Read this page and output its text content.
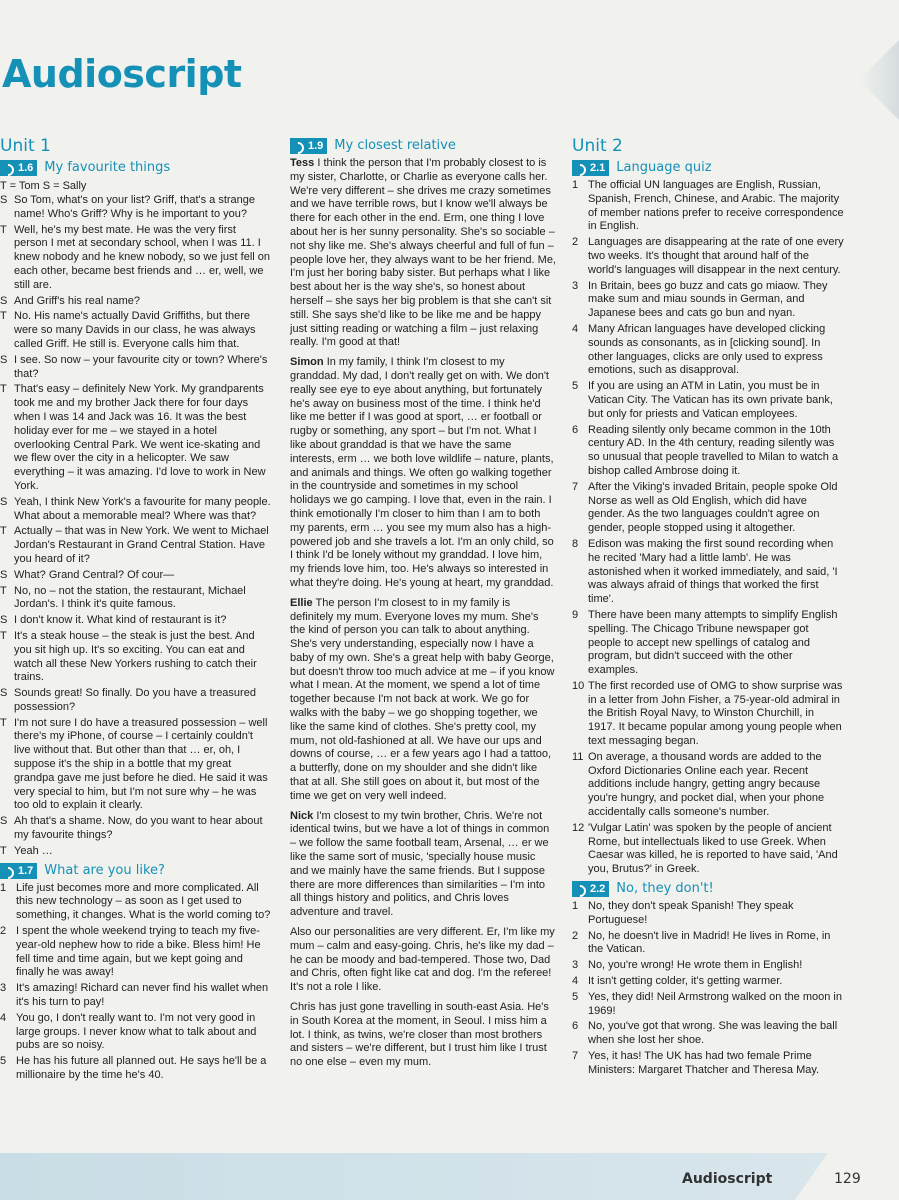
Audioscript
Unit 1
1.6 My favourite things
T = Tom S = Sally
S So Tom, what's on your list? Griff, that's a strange name! Who's Griff? Why is he important to you?
T Well, he's my best mate. He was the very first person I met at secondary school, when I was 11. I knew nobody and he knew nobody, so we just fell on each other, became best friends and … er, well, we still are.
S And Griff's his real name?
T No. His name's actually David Griffiths, but there were so many Davids in our class, he was always called Griff. He still is. Everyone calls him that.
S I see. So now – your favourite city or town? Where's that?
T That's easy – definitely New York. My grandparents took me and my brother Jack there for four days when I was 14 and Jack was 16. It was the best holiday ever for me – we stayed in a hotel overlooking Central Park. We went ice-skating and we flew over the city in a helicopter. We saw everything – it was amazing. I'd love to work in New York.
S Yeah, I think New York's a favourite for many people. What about a memorable meal? Where was that?
T Actually – that was in New York. We went to Michael Jordan's Restaurant in Grand Central Station. Have you heard of it?
S What? Grand Central? Of cour—
T No, no – not the station, the restaurant, Michael Jordan's. I think it's quite famous.
S I don't know it. What kind of restaurant is it?
T It's a steak house – the steak is just the best. And you sit high up. It's so exciting. You can eat and watch all these New Yorkers rushing to catch their trains.
S Sounds great! So finally. Do you have a treasured possession?
T I'm not sure I do have a treasured possession – well there's my iPhone, of course – I certainly couldn't live without that. But other than that … er, oh, I suppose it's the ship in a bottle that my great grandpa gave me just before he died. He said it was very special to him, but I'm not sure why – he was too old to explain it clearly.
S Ah that's a shame. Now, do you want to hear about my favourite things?
T Yeah …
1.7 What are you like?
1 Life just becomes more and more complicated. All this new technology – as soon as I get used to something, it changes. What is the world coming to?
2 I spent the whole weekend trying to teach my five-year-old nephew how to ride a bike. Bless him! He fell time and time again, but we kept going and finally he was away!
3 It's amazing! Richard can never find his wallet when it's his turn to pay!
4 You go, I don't really want to. I'm not very good in large groups. I never know what to talk about and pubs are so noisy.
5 He has his future all planned out. He says he'll be a millionaire by the time he's 40.
1.9 My closest relative
Tess I think the person that I'm probably closest to is my sister, Charlotte, or Charlie as everyone calls her. We're very different – she drives me crazy sometimes and we have terrible rows, but I know we'll always be there for each other in the end. Erm, one thing I love about her is her sunny personality. She's so sociable – not shy like me. She's always cheerful and full of fun – people love her, they always want to be her friend. Me, I'm just her boring baby sister. But perhaps what I like best about her is the way she's, so honest about herself – she says her big problem is that she can't sit still. She says she'd like to be like me and be happy just sitting reading or watching a film – just relaxing really. I'm good at that!
Simon In my family, I think I'm closest to my granddad. My dad, I don't really get on with. We don't really see eye to eye about anything, but fortunately he's away on business most of the time. I think he'd like me better if I was good at sport, … er football or rugby or something, any sport – but I'm not. What I like about granddad is that we have the same interests, erm … we both love wildlife – nature, plants, and animals and things. We often go walking together in the countryside and sometimes in my school holidays we go camping. I love that, even in the rain. I think emotionally I'm closer to him than I am to both my parents, erm … you see my mum also has a high-powered job and she travels a lot. I'm an only child, so I think I'd be lonely without my granddad. I love him, my friends love him, too. He's always so interested in what they're doing. He's young at heart, my granddad.
Ellie The person I'm closest to in my family is definitely my mum. Everyone loves my mum. She's the kind of person you can talk to about anything. She's very understanding, especially now I have a baby of my own. She's a great help with baby George, but doesn't throw too much advice at me – if you know what I mean. At the moment, we spend a lot of time together because I'm not back at work. We go for walks with the baby – we go shopping together, we like the same kind of clothes. She's pretty cool, my mum, not old-fashioned at all. We have our ups and downs of course, … er a few years ago I had a tattoo, a butterfly, done on my shoulder and she didn't like that at all. She still goes on about it, but most of the time we get on very well indeed.
Nick I'm closest to my twin brother, Chris. We're not identical twins, but we have a lot of things in common – we follow the same football team, Arsenal, … er we like the same sort of music, 'specially house music and we mainly have the same friends. But I suppose there are more differences than similarities – I'm into all things history and politics, and Chris loves adventure and travel.
Also our personalities are very different. Er, I'm like my mum – calm and easy-going. Chris, he's like my dad – he can be moody and bad-tempered. Those two, Dad and Chris, often fight like cat and dog. I'm the referee! It's not a role I like.
Chris has just gone travelling in south-east Asia. He's in South Korea at the moment, in Seoul. I miss him a lot. I think, as twins, we're closer than most brothers and sisters – we're different, but I trust him like I trust no one else – even my mum.
Unit 2
2.1 Language quiz
1 The official UN languages are English, Russian, Spanish, French, Chinese, and Arabic. The majority of member nations prefer to receive correspondence in English.
2 Languages are disappearing at the rate of one every two weeks. It's thought that around half of the world's languages will disappear in the next century.
3 In Britain, bees go buzz and cats go miaow. They make sum and miau sounds in German, and Japanese bees and cats go bun and nyan.
4 Many African languages have developed clicking sounds as consonants, as in [clicking sound]. In other languages, clicks are only used to express emotions, such as disapproval.
5 If you are using an ATM in Latin, you must be in Vatican City. The Vatican has its own private bank, but only for priests and Vatican employees.
6 Reading silently only became common in the 10th century AD. In the 4th century, reading silently was so unusual that people travelled to Milan to watch a bishop called Ambrose doing it.
7 After the Viking's invaded Britain, people spoke Old Norse as well as Old English, which did have gender. As the two languages couldn't agree on gender, people stopped using it altogether.
8 Edison was making the first sound recording when he recited 'Mary had a little lamb'. He was astonished when it worked immediately, and said, 'I was always afraid of things that worked the first time'.
9 There have been many attempts to simplify English spelling. The Chicago Tribune newspaper got people to accept new spellings of catalog and program, but didn't succeed with the other examples.
10 The first recorded use of OMG to show surprise was in a letter from John Fisher, a 75-year-old admiral in the British Royal Navy, to Winston Churchill, in 1917. It became popular among young people when text messaging began.
11 On average, a thousand words are added to the Oxford Dictionaries Online each year. Recent additions include hangry, getting angry because you're hungry, and pocket dial, when your phone accidentally calls someone's number.
12 'Vulgar Latin' was spoken by the people of ancient Rome, but intellectuals liked to use Greek. When Caesar was killed, he is reported to have said, 'And you, Brutus?' in Greek.
2.2 No, they don't!
1 No, they don't speak Spanish! They speak Portuguese!
2 No, he doesn't live in Madrid! He lives in Rome, in the Vatican.
3 No, you're wrong! He wrote them in English!
4 It isn't getting colder, it's getting warmer.
5 Yes, they did! Neil Armstrong walked on the moon in 1969!
6 No, you've got that wrong. She was leaving the ball when she lost her shoe.
7 Yes, it has! The UK has had two female Prime Ministers: Margaret Thatcher and Theresa May.
Audioscript	129
